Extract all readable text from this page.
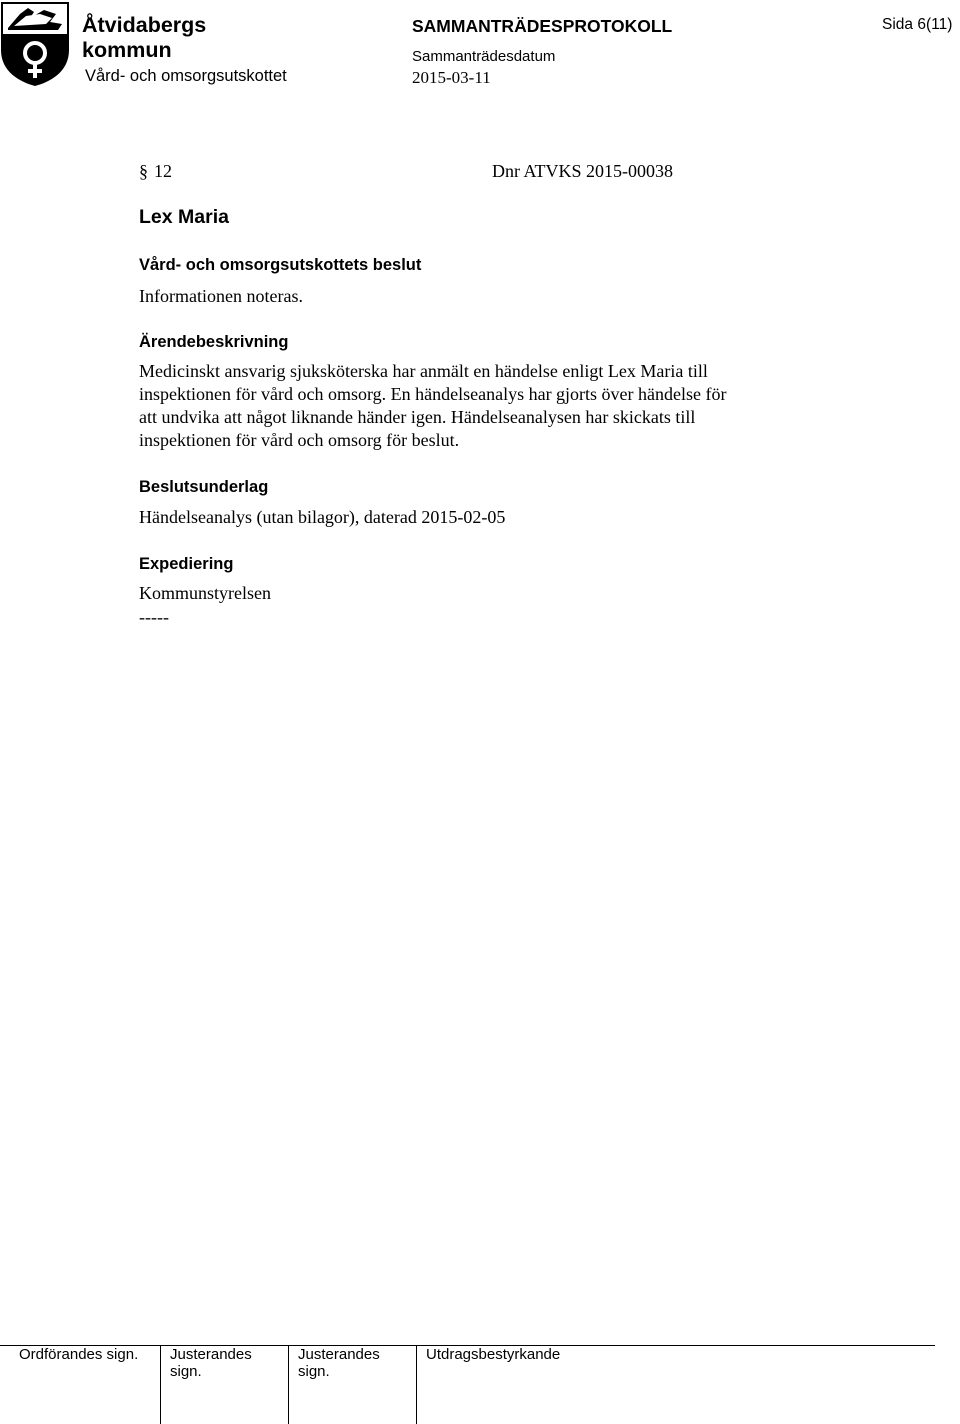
Åtvidabergs
kommun
Vård- och omsorgsutskottet
SAMMANTRÄDESPROTOKOLL
Sammanträdesdatum
2015-03-11
Sida 6(11)
§ 12	Dnr ATVKS 2015-00038
Lex Maria
Vård- och omsorgsutskottets beslut
Informationen noteras.
Ärendebeskrivning
Medicinskt ansvarig sjuksköterska har anmält en händelse enligt Lex Maria till
inspektionen för vård och omsorg. En händelseanalys har gjorts över händelse för
att undvika att något liknande händer igen. Händelseanalysen har skickats till
inspektionen för vård och omsorg för beslut.
Beslutsunderlag
Händelseanalys (utan bilagor), daterad 2015-02-05
Expediering
Kommunstyrelsen
-----
Ordförandes sign. Justerandes
sign.
Justerandes
sign.
Utdragsbestyrkande
